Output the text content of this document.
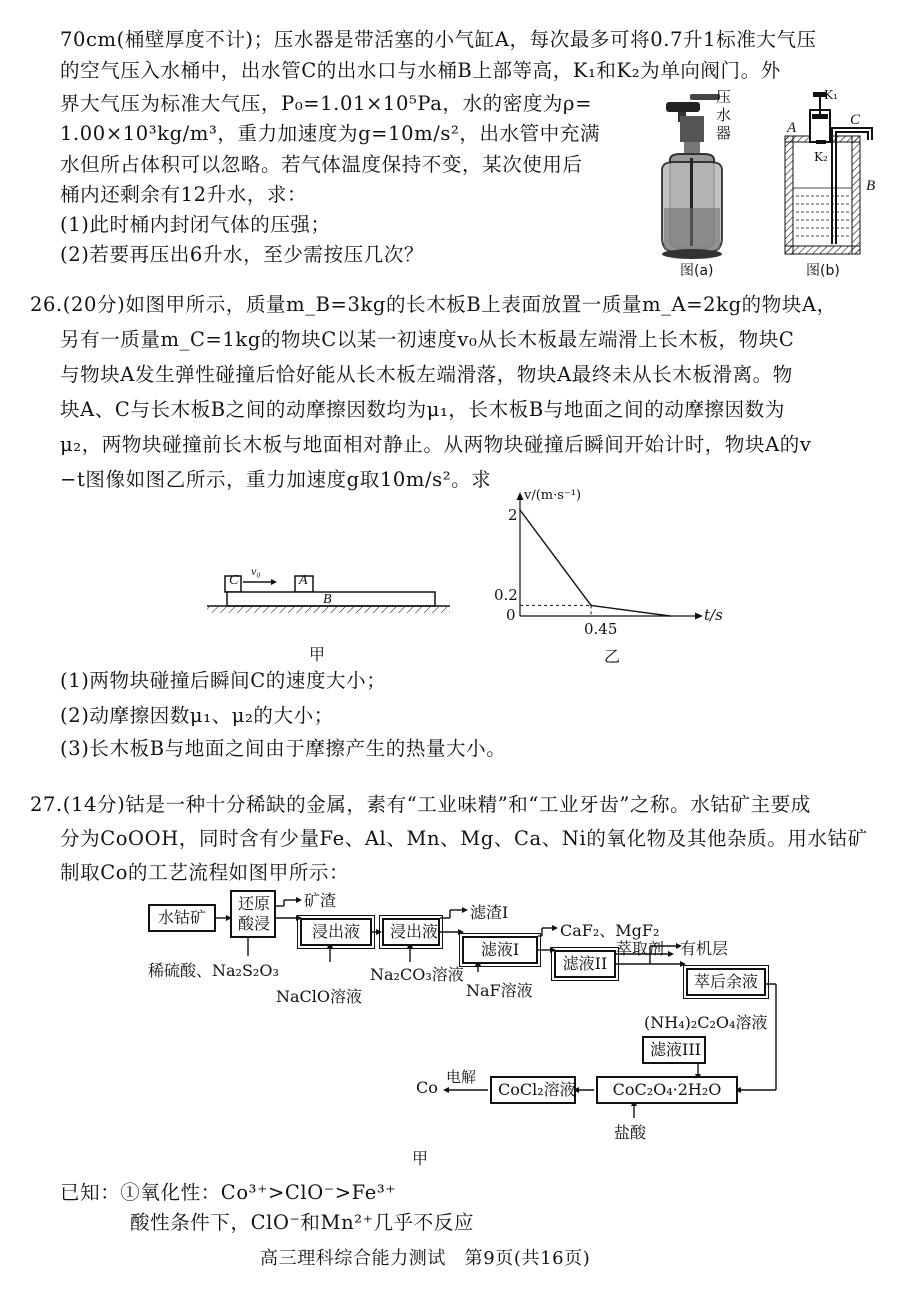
70cm(桶壁厚度不计)；压水器是带活塞的小气缸A，每次最多可将0.7升1标准大气压
的空气压入水桶中，出水管C的出水口与水桶B上部等高，K₁和K₂为单向阀门。外
界大气压为标准大气压，P₀=1.01×10⁵Pa，水的密度为ρ=
1.00×10³kg/m³，重力加速度为g=10m/s²，出水管中充满
水但所占体积可以忽略。若气体温度保持不变，某次使用后
桶内还剩余有12升水，求：
(1)此时桶内封闭气体的压强；
(2)若要再压出6升水，至少需按压几次？
压水器
图(a)
A
K₁
K₂
C
B
图(b)
26.(20分)如图甲所示，质量m_B=3kg的长木板B上表面放置一质量m_A=2kg的物块A，
另有一质量m_C=1kg的物块C以某一初速度v₀从长木板最左端滑上长木板，物块C
与物块A发生弹性碰撞后恰好能从长木板左端滑落，物块A最终未从长木板滑离。物
块A、C与长木板B之间的动摩擦因数均为μ₁，长木板B与地面之间的动摩擦因数为
μ₂，两物块碰撞前长木板与地面相对静止。从两物块碰撞后瞬间开始计时，物块A的v
−t图像如图乙所示，重力加速度g取10m/s²。求
C	A
B
v₀
甲
v/(m·s⁻¹)
t/s
2
0.2
0
0.45
乙
(1)两物块碰撞后瞬间C的速度大小；
(2)动摩擦因数μ₁、μ₂的大小；
(3)长木板B与地面之间由于摩擦产生的热量大小。
27.(14分)钴是一种十分稀缺的金属，素有“工业味精”和“工业牙齿”之称。水钴矿主要成
分为CoOOH，同时含有少量Fe、Al、Mn、Mg、Ca、Ni的氧化物及其他杂质。用水钴矿
制取Co的工艺流程如图甲所示：
水钴矿
还原
酸浸	浸出液	浸出液
滤液I
滤液II
萃后余液
滤液III
CoC₂O₄·2H₂O
CoCl₂溶液
Co
电解
矿渣
滤渣I
CaF₂、MgF₂
有机层
萃取剂
稀硫酸、Na₂S₂O₃
NaClO溶液
Na₂CO₃溶液
NaF溶液
(NH₄)₂C₂O₄溶液
盐酸
甲
已知：①氧化性：Co³⁺>ClO⁻>Fe³⁺
酸性条件下，ClO⁻和Mn²⁺几乎不反应
高三理科综合能力测试　第9页(共16页)
